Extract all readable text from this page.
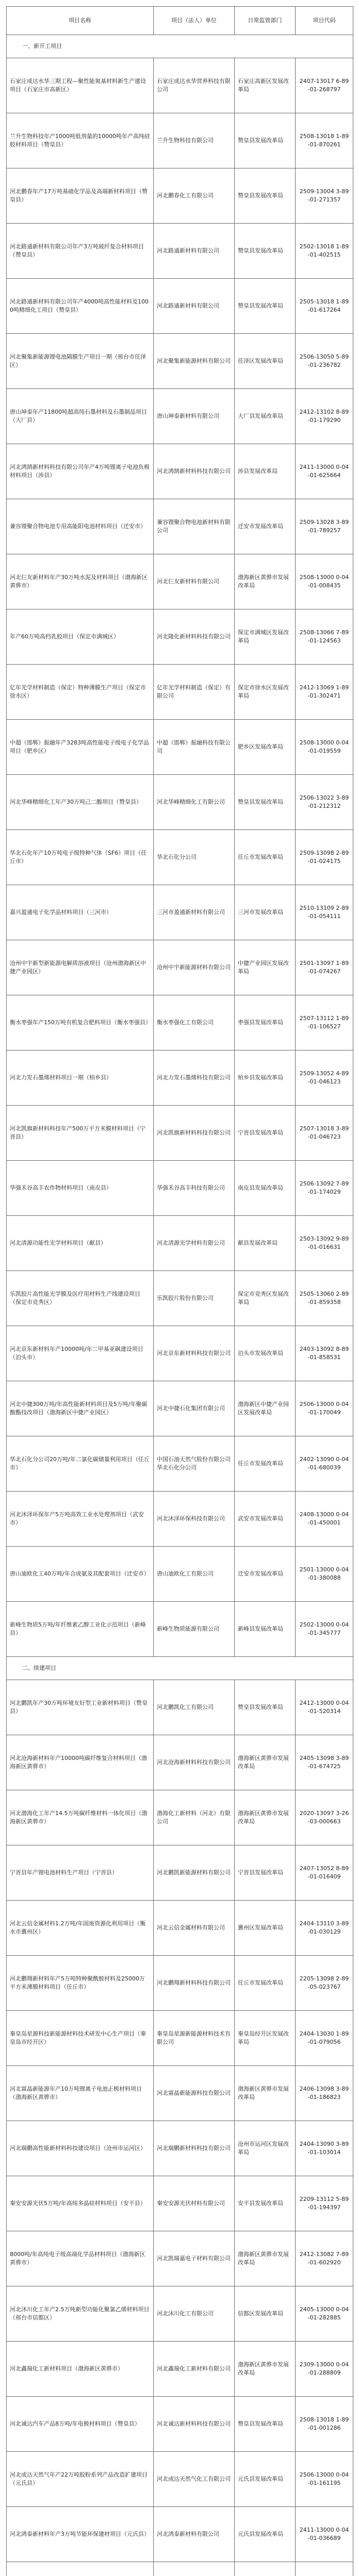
项目名称	项目（法人）单位	日常监管部门	项目代码
一、新开工项目			
石家庄成达水华三期工程—聚性能氮基材料新生产建设项目（石家庄市高新区）	石家庄成达水华营养科技有限公司	石家庄高新区发展改革局	2407-13017 6-89-01-268797
兰升生物科技年产1000吨低剂量的10000吨年产高纯硅胶材料项目（赞皇县）	兰升生物科技有限公司	赞皇县发展改革局	2508-13018 1-89-01-870261
河北鹏春年产17万吨基础化学品及高端新材料项目（赞皇县）	河北鹏春化工有限公司	赞皇县发展改革局	2509-13004 3-89-01-271357
河北路通新材料有限公司年产3万吨玻纤复合材料项目（赞皇县）	河北路通新材料有限公司	赞皇县发展改革局	2502-13018 1-89-01-402515
河北路通新材料有限公司年产4000吨高性能材料及1000吨精细化工项目（赞皇县）	河北路通新材料有限公司	赞皇县发展改革局	2505-13018 1-89-01-617264
河北聚集新能源锂电池隔膜生产项目一期（邢台市任泽区）	河北聚集新能源材料有限公司	任泽区发展改革局	2506-13050 5-89-01-236782
唐山坤泰年产11800吨超高纯石墨材料及石墨制品项目（大厂县）	唐山坤泰新材料有限公司	大厂县发展改革局	2412-13102 8-89-01-179290
河北鸿鹄新材料科技有限公司年产4万吨锂离子电池负极材料项目（涉县）	河北鸿鹄新材料科技有限公司	涉县发展改革局	2411-13000 0-04-01-625664
兼容锂聚合物电池专用高能阳电池材料项目（迁安市）	兼容锂聚合物电池新材料有限公司	迁安市发展改革局	2509-13028 3-89-01-789257
河北仨友新材料年产30万吨水泥及材料项目（渤海新区黄骅市）	河北仨友新材料有限公司	渤海新区黄骅市发展改革局	2508-13000 0-04-01-008435
年产60万吨高档乳胶项目（保定市满城区）	河北隆化新材料科技有限公司	保定市满城区发展改革局	2508-13066 7-89-01-124563
亿年光学材料制造（保定）特种薄膜生产项目（保定市徐水区）	亿年光学材料制造（保定）有限公司	保定市徐水区发展改革局	2412-13069 1-89-01-302471
中超（邯郸）振融年产3283吨高性能电子级电子化学品项目（肥乡区）	中超（邯郸）振融科技有限公司	肥乡区发展改革局	2508-13000 0-04-01-019559
河北华峰精细化工年产30万吨己二酸项目（赞皇县）	河北华峰精细化工有限公司	赞皇县发展改革局	2506-13022 3-89-01-212312
华北石化年产10万吨电子级特种气体（SF6）项目（任丘市）	华北石化分公司	任丘市发展改革局	2509-13098 2-89-01-024175
嘉兴盈通电子化学品材料项目（三河市）	三河市盈通新材料有限公司	三河市发展改革局	2510-13109 2-89-01-054111
沧州中宇新型新能源电解质溶液项目（沧州渤海新区中捷产业园区）	沧州中宇新能源材料有限公司	中捷产业园区发展改革局	2501-13097 1-89-01-074267
衡水枣强年产150万吨有机复合肥料项目（衡水枣强县）	衡水枣强化工有限公司	枣强县发展改革局	2507-13112 1-89-01-106527
河北力发石墨烯材料项目一期（柏乡县）	河北力发石墨烯科技有限公司	柏乡县发展改革局	2509-13052 4-89-01-046123
河北凯旗新材料科技年产500万平方米膜材料项目（宁晋县）	河北凯旗新材料科技有限公司	宁晋县发展改革局	2507-13018 3-89-01-046723
华强禾谷高丰农作物材料项目（南皮县）	华强禾谷高丰科技有限公司	南皮县发展改革局	2506-13092 7-89-01-174029
河北清源功能性光学材料项目（献县）	河北清源光学材料有限公司	献县发展改革局	2503-13092 9-89-01-016631
乐凯胶片高性能光学膜及医疗用材料生产线建设项目（保定市竞秀区）	乐凯胶片股份有限公司	保定市竞秀区发展改革局	2505-13060 2-89-01-859358
河北京东新材料年产10000吨/年二甲基亚砜建设项目（泊头市）	河北京东新材料科技有限公司	泊头市发展改革局	2403-13092 8-89-01-858531
河北中捷300万吨/年高性能新材料项目及5万吨/年聚碳酸酯技改项目（渤海新区中捷产业园区）	河北中捷石化集团有限公司	渤海新区中捷产业园区发展改革局	2506-13000 0-04-01-170049
华北石化分公司20万吨/年二氯化碳储量利用项目（任丘市）	中国石油天然气股份有限公司华北石化分公司	任丘市发展改革局	2402-13090 0-04-01-680039
河北沐泽环保年产5万吨高效工业水处理剂项目（武安市）	河北沐泽环保科技有限公司	武安市发展改革局	2408-13000 0-04-01-450001
唐山迪欧化工40万吨/年合成氨及其配套项目（迁安市）	唐山迪欧化工有限公司	迁安市发展改革局	2501-13000 0-04-01-380088
新峰生物质5万吨/年纤维素乙醇工业化示范项目（新峰县）	新峰生物质能源有限公司	新峰县发展改革局	2502-13000 0-04-01-345777
二、续建项目			
河北鹏凯年产30万吨环境友好型工业新材料项目（赞皇县）	河北鹏凯化工有限公司	赞皇县发展改革局	2412-13000 0-04-01-520314
河北沧海新材料年产10000吨碳纤维复合材料项目（渤海新区黄骅市）	河北沧海新材料科技有限公司	渤海新区黄骅市发展改革局	2405-13098 3-89-01-674725
河北渤海化工年产14.5万吨碳纤维材料一体化项目（渤海新区黄骅市）	渤海化工新材料（河北）有限公司	渤海新区黄骅市发展改革局	2020-13097 3-26-03-000663
宁晋县年产锂电池材料生产项目（宁晋县）	河北鹏凯新能源材料有限公司	宁晋县发展改革局	2407-13052 8-89-01-016409
河北云信金属材料1.2万吨/年固废资源化利用项目（衡水市冀州区）	河北云信金属材料有限公司	冀州区发展改革局	2404-13110 3-89-01-030129
河北鹏翔新材料年产5万吨特种聚酰胺材料及25000万平方米薄膜材料项目（任丘市）	河北鹏翔新材料科技有限公司	任丘市发展改革局	2205-13098 2-89-05-023767
秦皇岛星源科技新能源材料技术研发中心生产项目（秦皇岛市经开区）	秦皇岛星源新能源材料技术有限公司	秦皇岛经开区发展改革局	2404-13030 1-89-01-079056
河北富晶新能源年产10万吨锂离子电池正极材料项目（渤海新区黄骅市）	河北富晶新能源科技有限公司	渤海新区黄骅市发展改革局	2406-13098 3-89-01-186823
河北瑞鹏高性能新材料科技建设项目（沧州市运河区）	河北瑞鹏新材料科技有限公司	沧州市运河区发展改革局	2404-13090 3-89-01-103014
秦安安源光伏5万吨/年高纯多晶硅材料项目（安平县）	秦安安源光伏材料有限公司	安平县发展改革局	2209-13112 5-89-01-194397
8000吨/年高纯电子级高端化学品材料项目（渤海新区黄骅市）	河北凯瑞嘉电子材料有限公司	渤海新区黄骅市发展改革局	2412-13082 7-89-01-602920
河北沐川化工年产2.5万吨新型功能化聚氯乙烯材料项目（邢台市信都区）	河北沐川化工有限公司	信都区发展改革局	2405-13000 0-04-01-282885
河北鑫瑞化工新材料项目（渤海新区黄骅市）	河北鑫瑞化工新材料有限公司	渤海新区黄骅市发展改革局	2309-13000 0-04-01-288809
河北诚达汽车产品8万吨/年电极材料项目（赞皇县）	河北诚达新材料科技有限公司	赞皇县发展改革局	2508-13018 1-89-01-001286
河北成达天然气年产22万吨胶粉系列产品改造扩建项目（元氏县）	河北成达天然气化工有限公司	元氏县发展改革局	2506-13000 0-04-01-161195
河北鸿泰新材料年产3万吨节能环保建材项目（元氏县）	河北鸿泰新材料有限公司	元氏县发展改革局	2411-13000 0-04-01-036689
